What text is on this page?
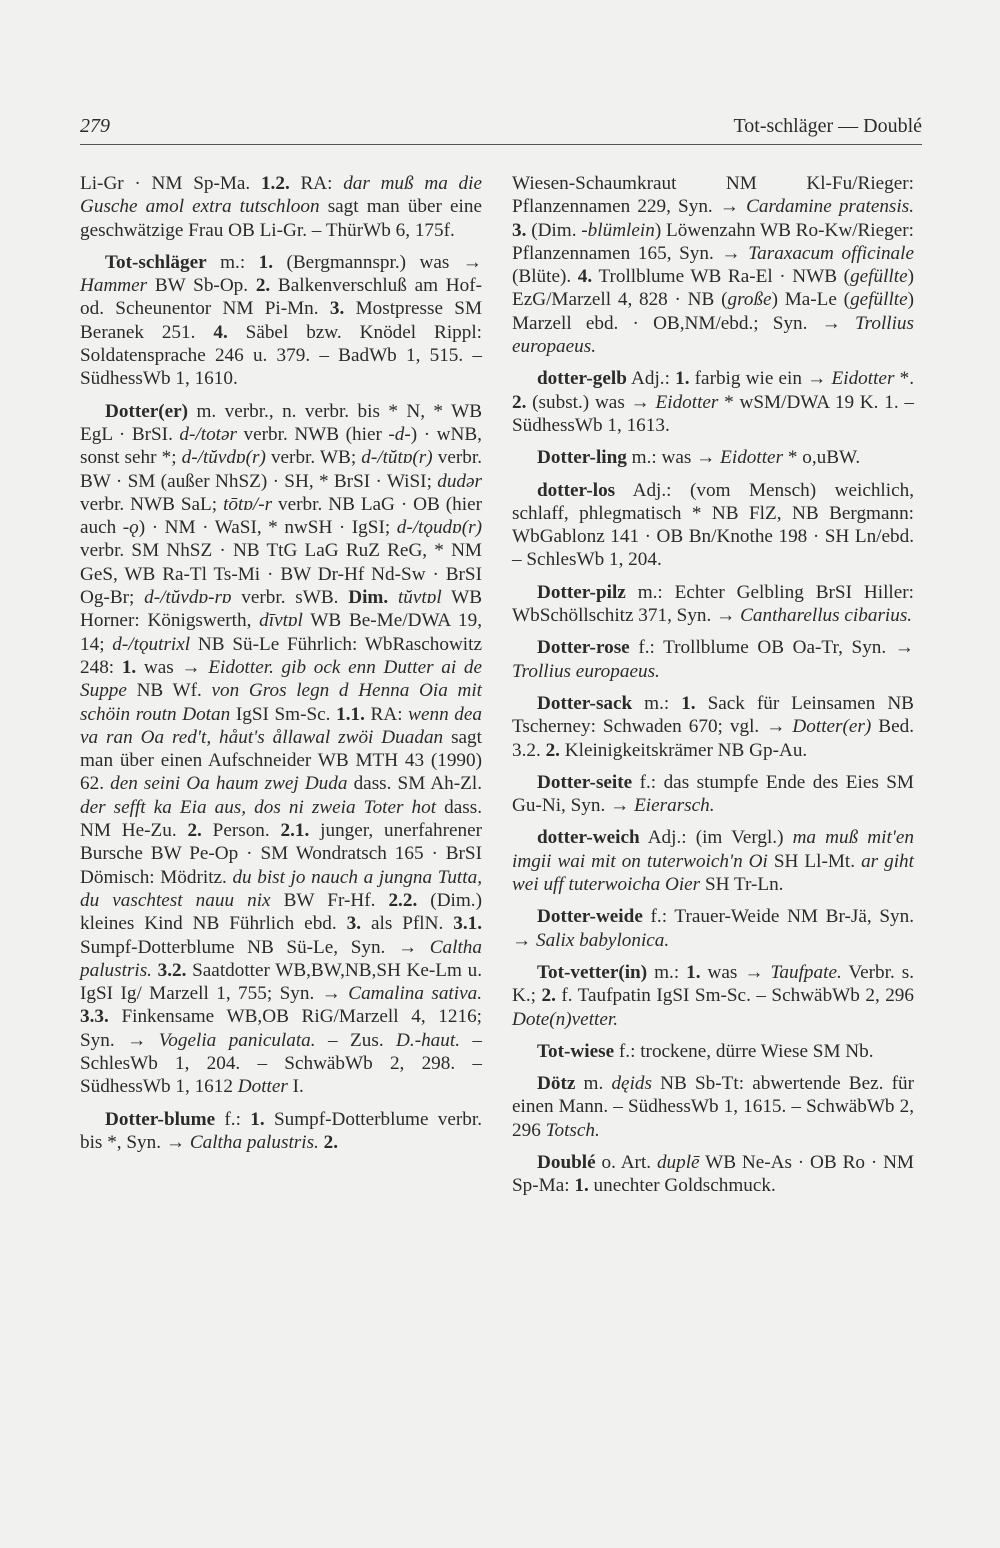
279	Tot-schläger — Doublé

Li-Gr · NM Sp-Ma. 1.2. RA: dar muß ma die Gusche amol extra tutschloon sagt man über eine geschwätzige Frau OB Li-Gr. – ThürWb 6, 175f.

Tot-schläger m.: 1. (Bergmannspr.) was → Hammer BW Sb-Op. 2. Balkenverschluß am Hof- od. Scheunentor NM Pi-Mn. 3. Mostpresse SM Beranek 251. 4. Säbel bzw. Knödel Rippl: Soldatensprache 246 u. 379. – BadWb 1, 515. – SüdhessWb 1, 1610.

Dotter(er) m. verbr., n. verbr. bis * N, * WB EgL · BrSI. d-/totər verbr. NWB (hier -d-) · wNB, sonst sehr *; d-/tŭvdɒ(r) verbr. WB; d-/tŭtɒ(r) verbr. BW · SM (außer NhSZ) · SH, * BrSI · WiSI; dudər verbr. NWB SaL; tōtɒ/-r verbr. NB LaG · OB (hier auch -ǫ) · NM · WaSI, * nwSH · IgSI; d-/tǫudɒ(r) verbr. SM NhSZ · NB TtG LaG RuZ ReG, * NM GeS, WB Ra-Tl Ts-Mi · BW Dr-Hf Nd-Sw · BrSI Og-Br; d-/tŭvdɒ-rɒ verbr. sWB. Dim. tŭvtɒl WB Horner: Königswerth, dīvtɒl WB Be-Me/DWA 19, 14; d-/tǫutrixl NB Sü-Le Führlich: WbRaschowitz 248: 1. was → Eidotter. gib ock enn Dutter ai de Suppe NB Wf. von Gros legn d Henna Oia mit schöin routn Dotan IgSI Sm-Sc. 1.1. RA: wenn dea va ran Oa red't, håut's ållawal zwöi Duadan sagt man über einen Aufschneider WB MTH 43 (1990) 62. den seini Oa haum zwej Duda dass. SM Ah-Zl. der sefft ka Eia aus, dos ni zweia Toter hot dass. NM He-Zu. 2. Person. 2.1. junger, unerfahrener Bursche BW Pe-Op · SM Wondratsch 165 · BrSI Dömisch: Mödritz. du bist jo nauch a jungna Tutta, du vaschtest nauu nix BW Fr-Hf. 2.2. (Dim.) kleines Kind NB Führlich ebd. 3. als PflN. 3.1. Sumpf-Dotterblume NB Sü-Le, Syn. → Caltha palustris. 3.2. Saatdotter WB,BW,NB,SH Ke-Lm u. IgSI Ig/ Marzell 1, 755; Syn. → Camalina sativa. 3.3. Finkensame WB,OB RiG/Marzell 4, 1216; Syn. → Vogelia paniculata. – Zus. D.-haut. – SchlesWb 1, 204. – SchwäbWb 2, 298. – SüdhessWb 1, 1612 Dotter I.

Dotter-blume f.: 1. Sumpf-Dotterblume verbr. bis *, Syn. → Caltha palustris. 2.

Wiesen-Schaumkraut NM Kl-Fu/Rieger: Pflanzennamen 229, Syn. → Cardamine pratensis. 3. (Dim. -blümlein) Löwenzahn WB Ro-Kw/Rieger: Pflanzennamen 165, Syn. → Taraxacum officinale (Blüte). 4. Trollblume WB Ra-El · NWB (gefüllte) EzG/Marzell 4, 828 · NB (große) Ma-Le (gefüllte) Marzell ebd. · OB,NM/ebd.; Syn. → Trollius europaeus.

dotter-gelb Adj.: 1. farbig wie ein → Eidotter *. 2. (subst.) was → Eidotter * wSM/DWA 19 K. 1. – SüdhessWb 1, 1613.

Dotter-ling m.: was → Eidotter * o,uBW.

dotter-los Adj.: (vom Mensch) weichlich, schlaff, phlegmatisch * NB FlZ, NB Bergmann: WbGablonz 141 · OB Bn/Knothe 198 · SH Ln/ebd. – SchlesWb 1, 204.

Dotter-pilz m.: Echter Gelbling BrSI Hiller: WbSchöllschitz 371, Syn. → Cantharellus cibarius.

Dotter-rose f.: Trollblume OB Oa-Tr, Syn. → Trollius europaeus.

Dotter-sack m.: 1. Sack für Leinsamen NB Tscherney: Schwaden 670; vgl. → Dotter(er) Bed. 3.2. 2. Kleinigkeitskrämer NB Gp-Au.

Dotter-seite f.: das stumpfe Ende des Eies SM Gu-Ni, Syn. → Eierarsch.

dotter-weich Adj.: (im Vergl.) ma muß mit'en imgii wai mit on tuterwoich'n Oi SH Ll-Mt. ar giht wei uff tuterwoicha Oier SH Tr-Ln.

Dotter-weide f.: Trauer-Weide NM Br-Jä, Syn. → Salix babylonica.

Tot-vetter(in) m.: 1. was → Taufpate. Verbr. s. K.; 2. f. Taufpatin IgSI Sm-Sc. – SchwäbWb 2, 296 Dote(n)vetter.

Tot-wiese f.: trockene, dürre Wiese SM Nb.

Dötz m. dęids NB Sb-Tt: abwertende Bez. für einen Mann. – SüdhessWb 1, 1615. – SchwäbWb 2, 296 Totsch.

Doublé o. Art. duplē WB Ne-As · OB Ro · NM Sp-Ma: 1. unechter Goldschmuck.
